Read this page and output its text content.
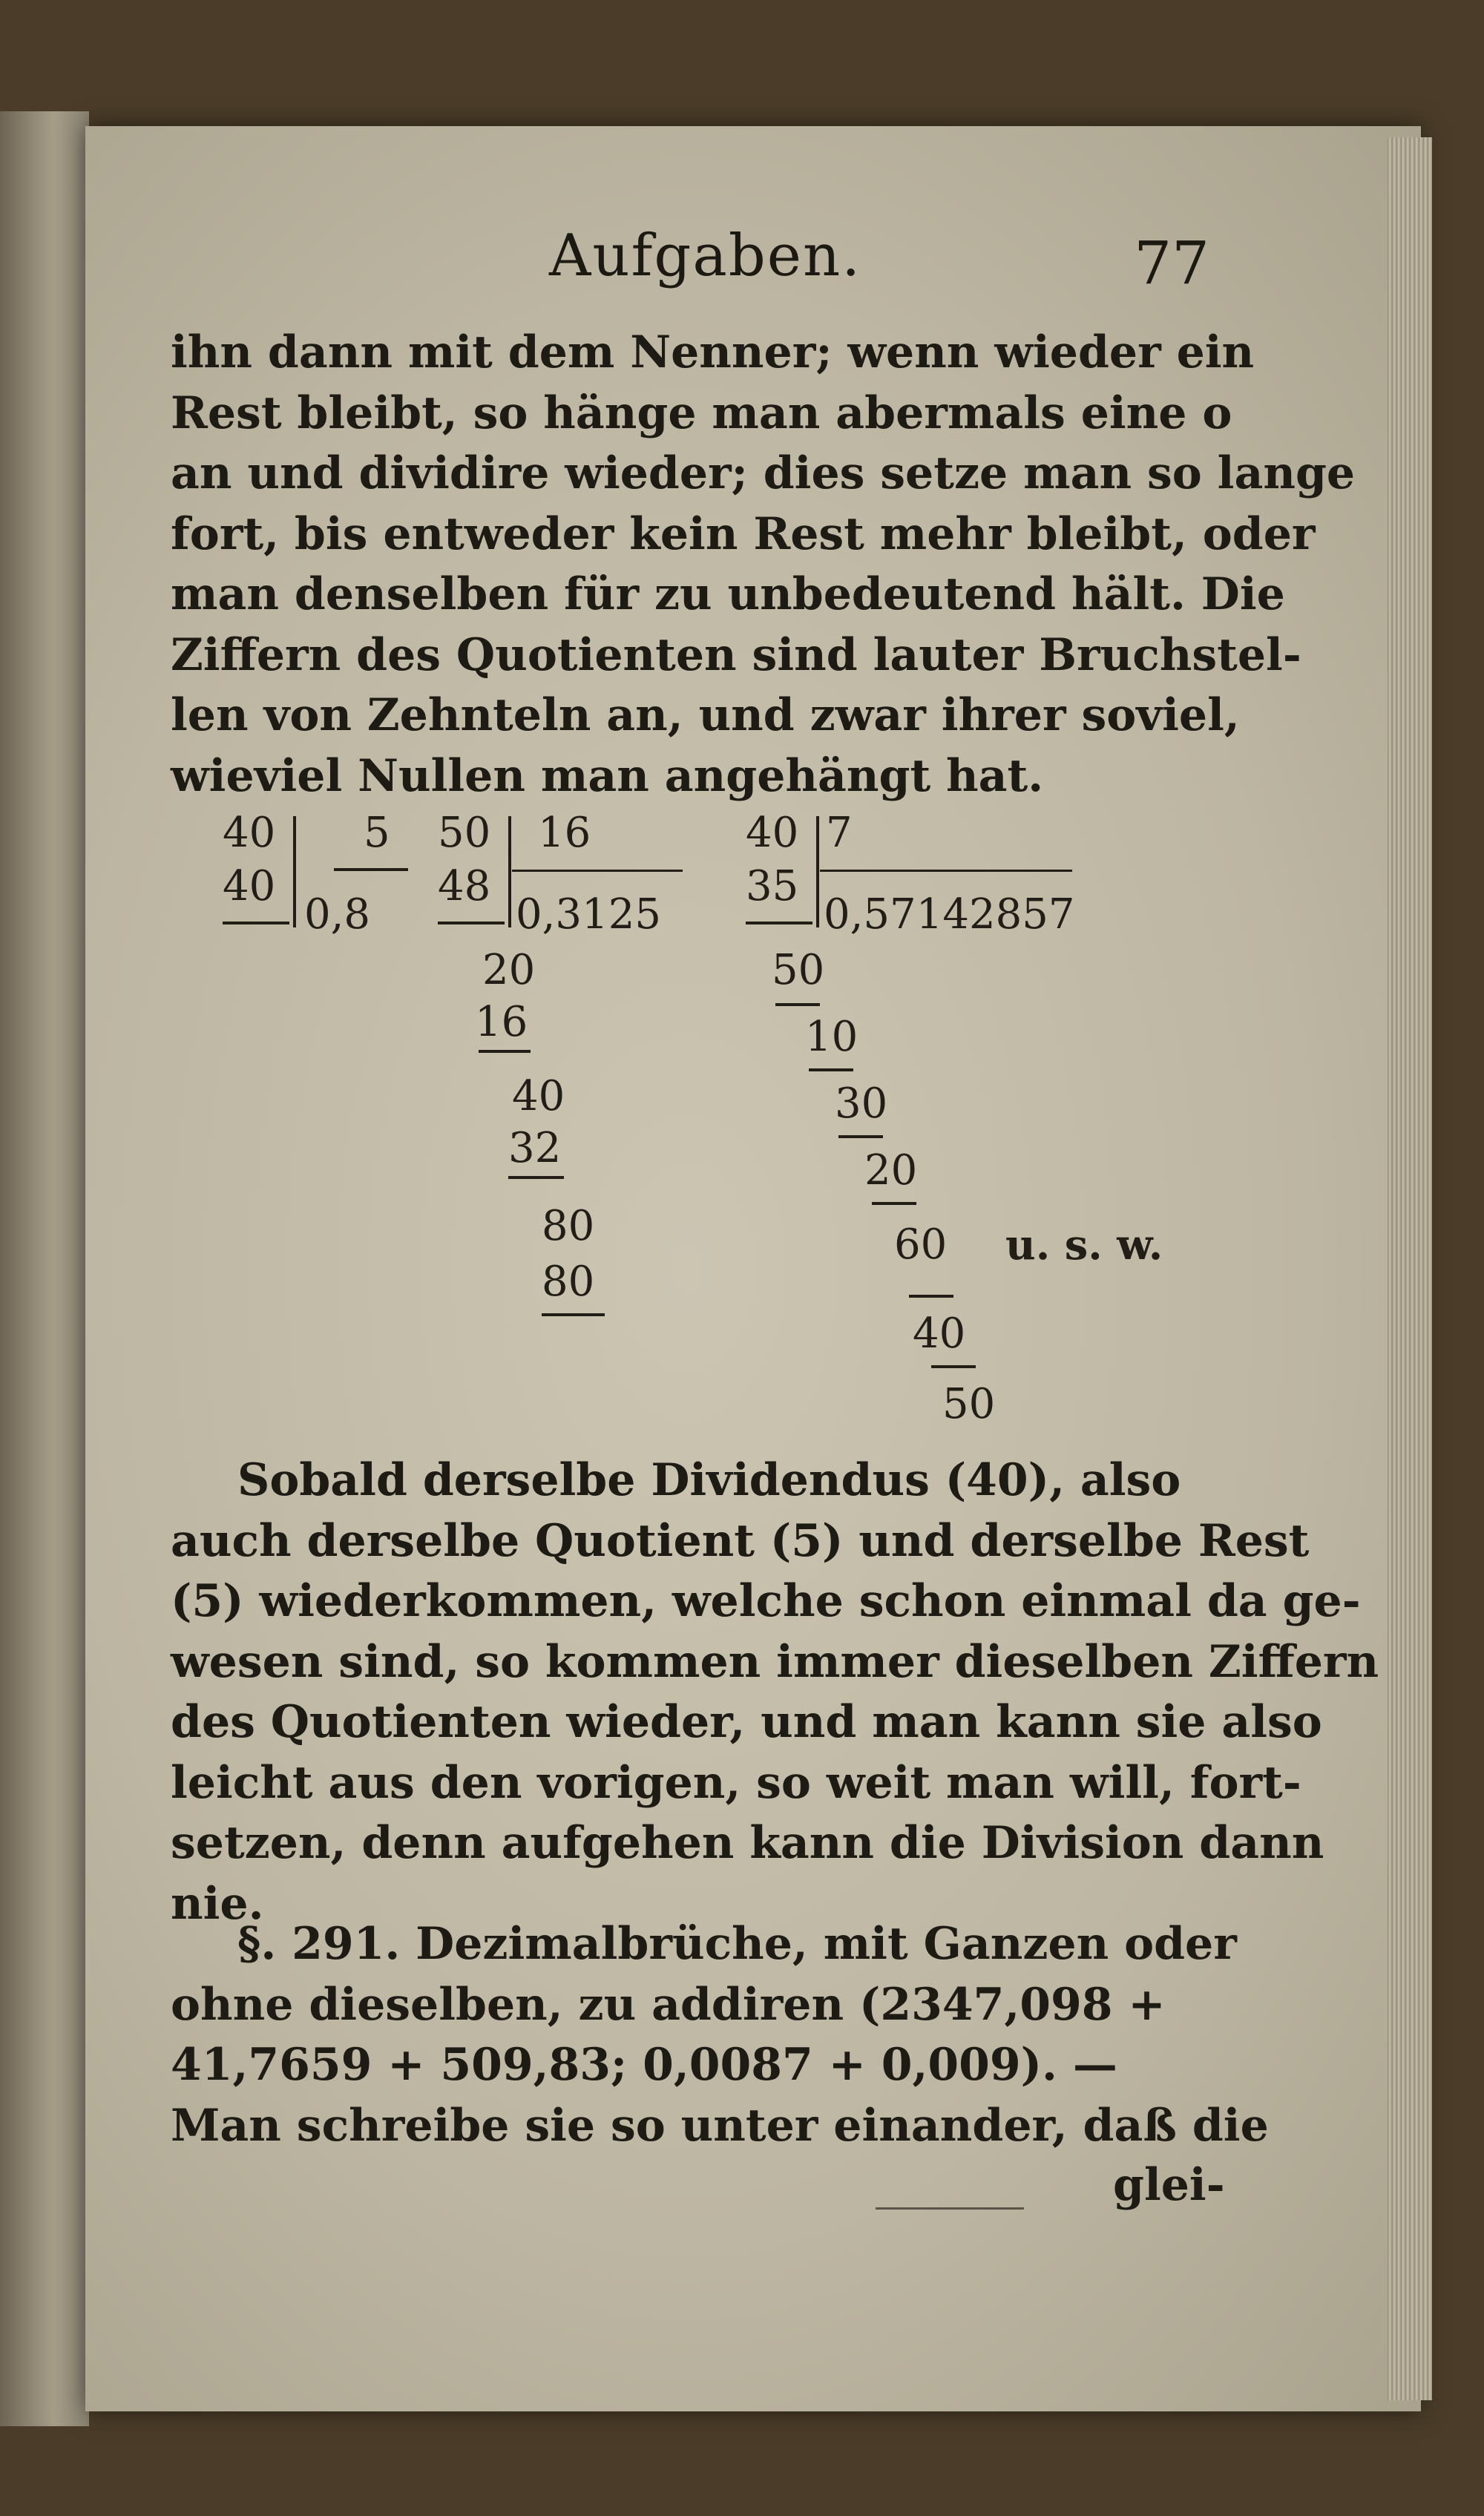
Aufgaben.	77
ihn dann mit dem Nenner; wenn wieder ein
Rest bleibt, so hänge man abermals eine o
an und dividire wieder; dies setze man so lange
fort, bis entweder kein Rest mehr bleibt, oder
man denselben für zu unbedeutend hält. Die
Ziffern des Quotienten sind lauter Bruchstel-
len von Zehnteln an, und zwar ihrer soviel,
wieviel Nullen man angehängt hat.
40
40
5
0,8
50
48
16
0,3125
20
16
40
32
80
80
40
35
7
0,57142857
50
10
30
20
60 u. s. w.
40
50
Sobald derselbe Dividendus (40), also
auch derselbe Quotient (5) und derselbe Rest
(5) wiederkommen, welche schon einmal da ge-
wesen sind, so kommen immer dieselben Ziffern
des Quotienten wieder, und man kann sie also
leicht aus den vorigen, so weit man will, fort-
setzen, denn aufgehen kann die Division dann
nie.
§. 291. Dezimalbrüche, mit Ganzen oder
ohne dieselben, zu addiren (2347,098 +
41,7659 + 509,83; 0,0087 + 0,009). —
Man schreibe sie so unter einander, daß die
glei-
